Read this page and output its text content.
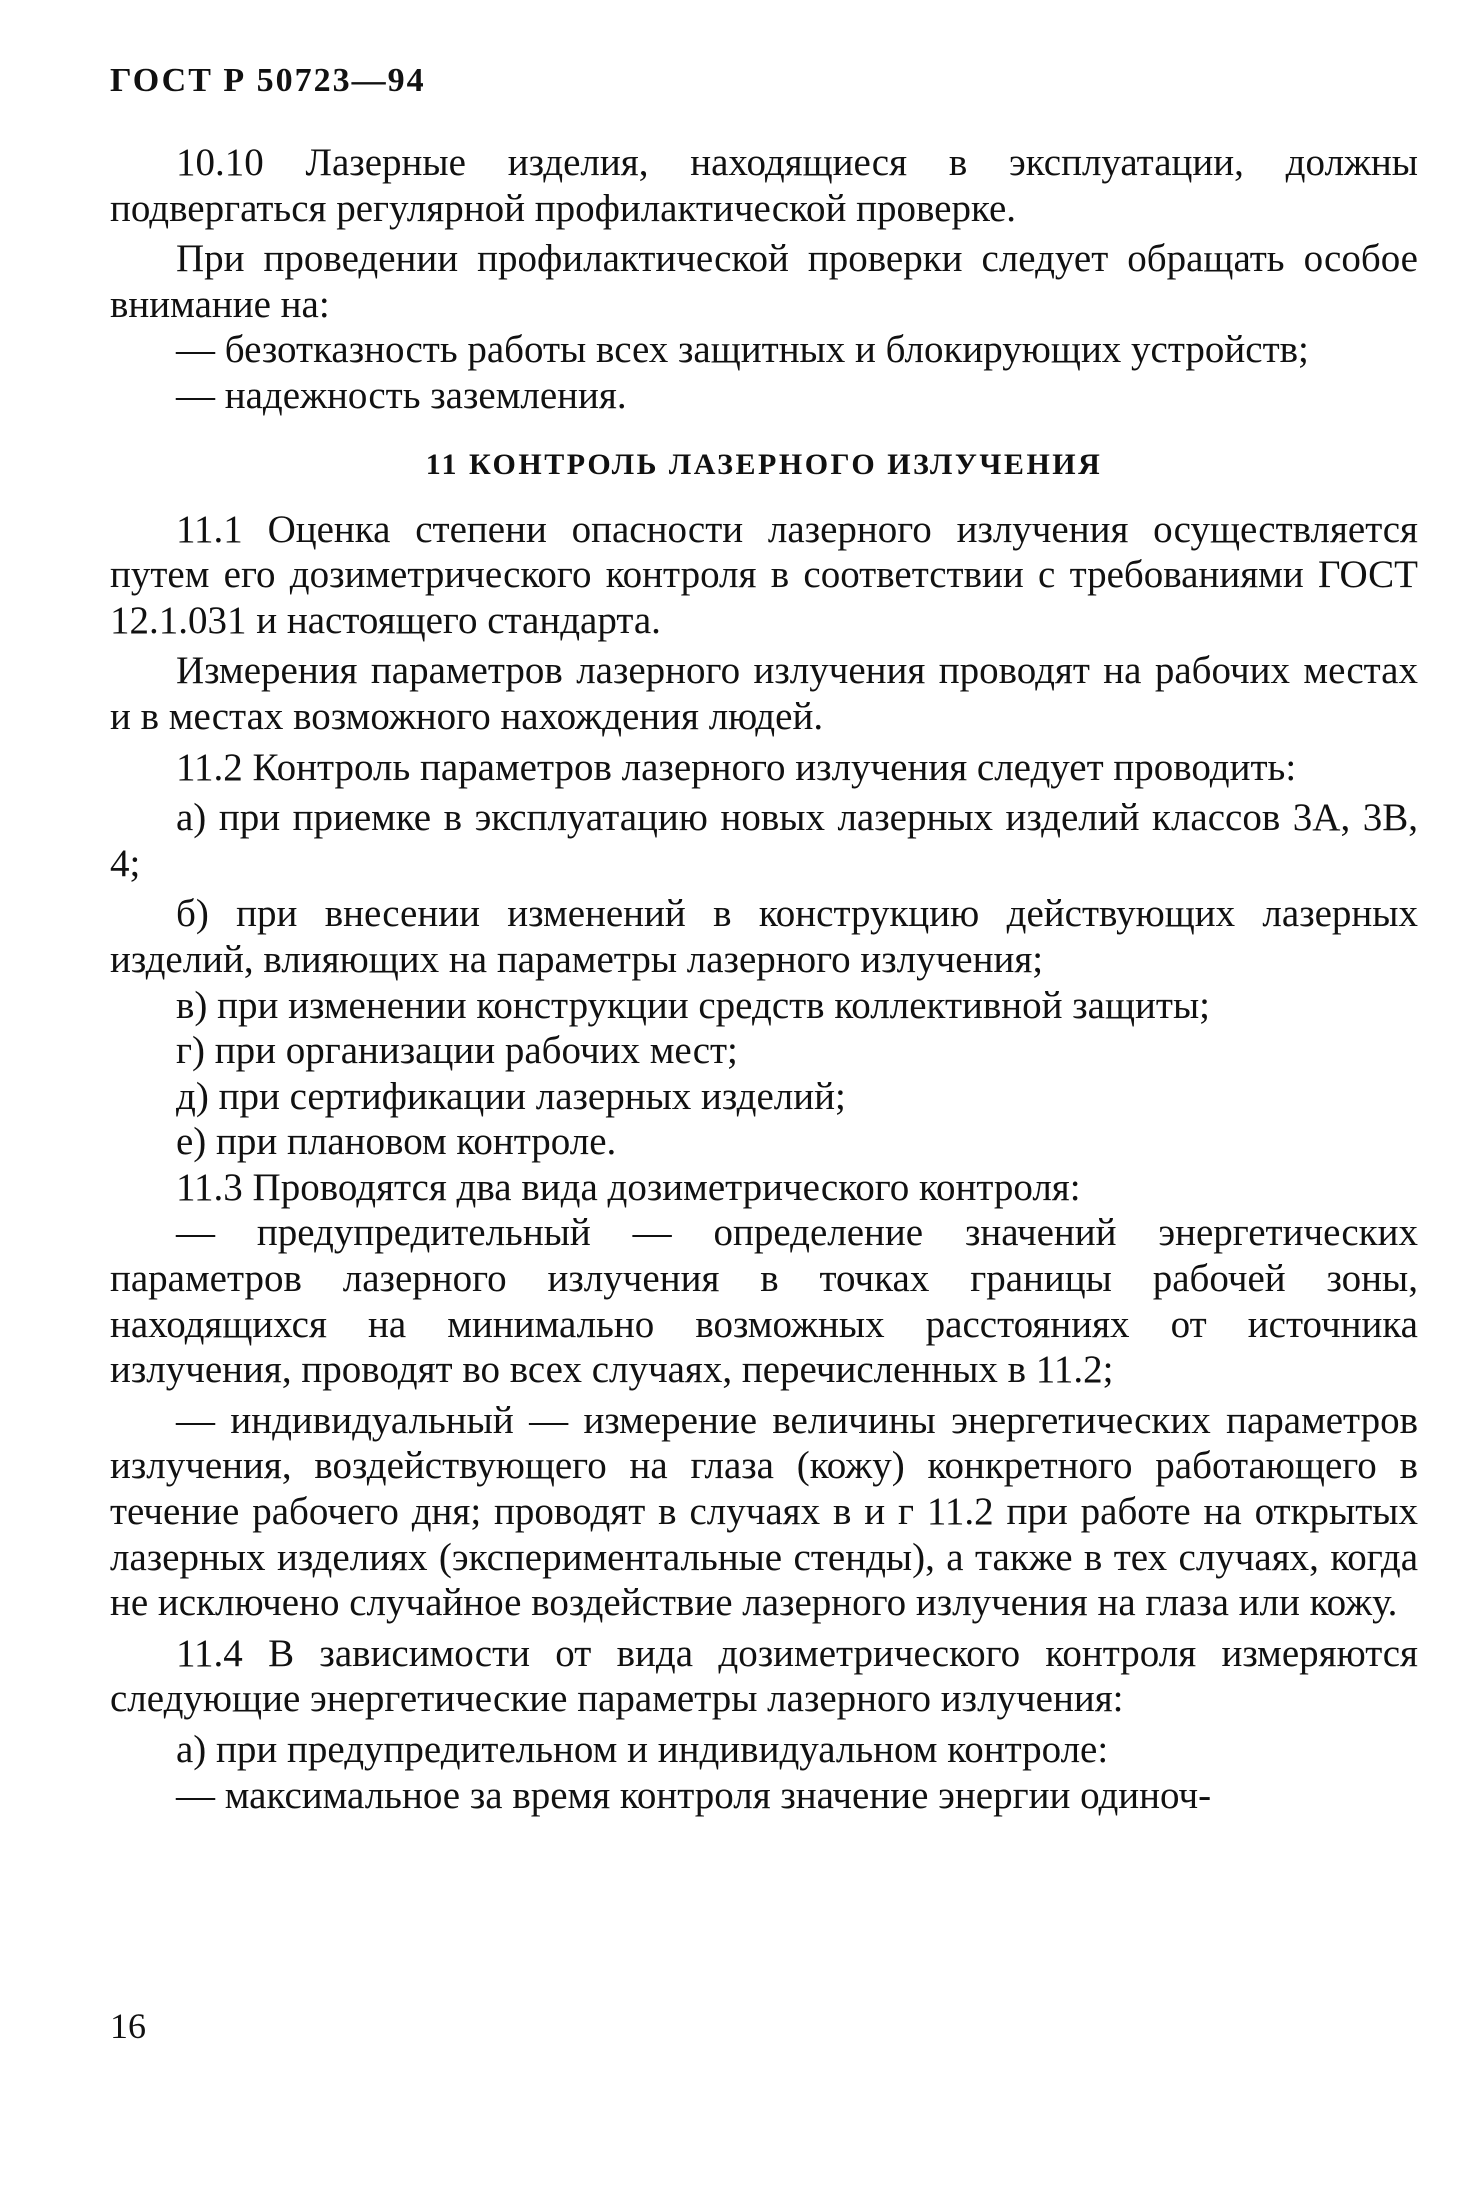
ГОСТ Р 50723—94

10.10 Лазерные изделия, находящиеся в эксплуатации, должны подвергаться регулярной профилактической проверке.

При проведении профилактической проверки следует обращать особое внимание на:

— безотказность работы всех защитных и блокирующих устройств;

— надежность заземления.

11 КОНТРОЛЬ ЛАЗЕРНОГО ИЗЛУЧЕНИЯ

11.1 Оценка степени опасности лазерного излучения осуществляется путем его дозиметрического контроля в соответствии с требованиями ГОСТ 12.1.031 и настоящего стандарта.

Измерения параметров лазерного излучения проводят на рабочих местах и в местах возможного нахождения людей.

11.2 Контроль параметров лазерного излучения следует проводить:

а) при приемке в эксплуатацию новых лазерных изделий классов 3А, 3В, 4;

б) при внесении изменений в конструкцию действующих лазерных изделий, влияющих на параметры лазерного излучения;

в) при изменении конструкции средств коллективной защиты;

г) при организации рабочих мест;

д) при сертификации лазерных изделий;

е) при плановом контроле.

11.3 Проводятся два вида дозиметрического контроля:

— предупредительный — определение значений энергетических параметров лазерного излучения в точках границы рабочей зоны, находящихся на минимально возможных расстояниях от источника излучения, проводят во всех случаях, перечисленных в 11.2;

— индивидуальный — измерение величины энергетических параметров излучения, воздействующего на глаза (кожу) конкретного работающего в течение рабочего дня; проводят в случаях в и г 11.2 при работе на открытых лазерных изделиях (экспериментальные стенды), а также в тех случаях, когда не исключено случайное воздействие лазерного излучения на глаза или кожу.

11.4 В зависимости от вида дозиметрического контроля измеряются следующие энергетические параметры лазерного излучения:

а) при предупредительном и индивидуальном контроле:

— максимальное за время контроля значение энергии одиноч-

16
